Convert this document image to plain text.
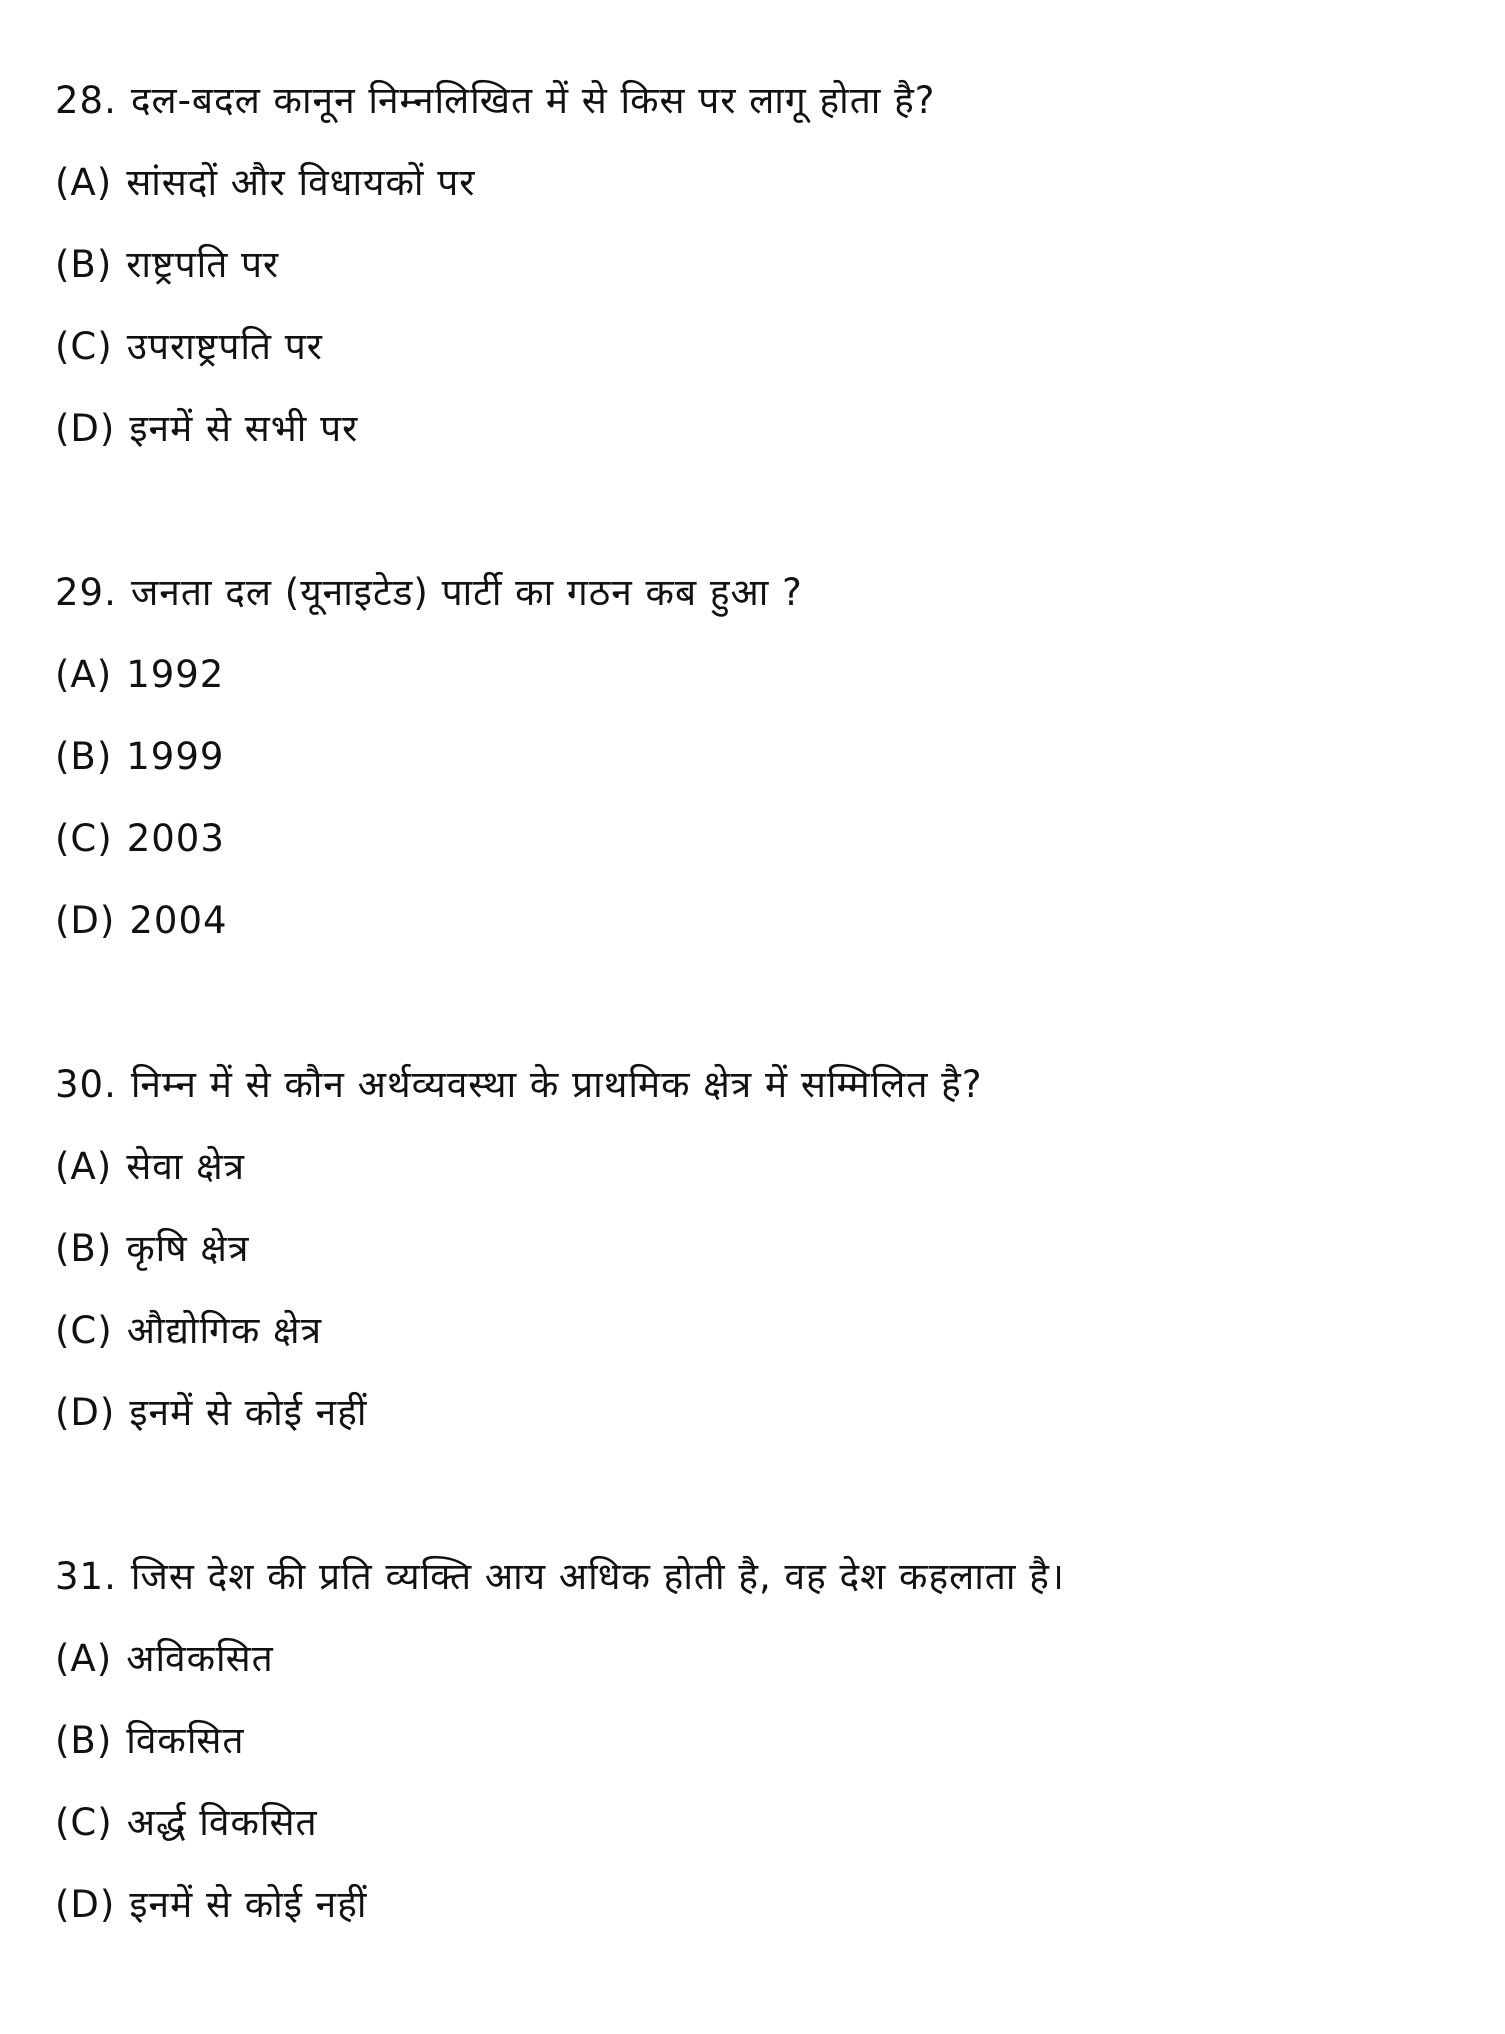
28. दल-बदल कानून निम्नलिखित में से किस पर लागू होता है?
(A) सांसदों और विधायकों पर
(B) राष्ट्रपति पर
(C) उपराष्ट्रपति पर
(D) इनमें से सभी पर
29. जनता दल (यूनाइटेड) पार्टी का गठन कब हुआ ?
(A) 1992
(B) 1999
(C) 2003
(D) 2004
30. निम्न में से कौन अर्थव्यवस्था के प्राथमिक क्षेत्र में सम्मिलित है?
(A) सेवा क्षेत्र
(B) कृषि क्षेत्र
(C) औद्योगिक क्षेत्र
(D) इनमें से कोई नहीं
31. जिस देश की प्रति व्यक्ति आय अधिक होती है, वह देश कहलाता है।
(A) अविकसित
(B) विकसित
(C) अर्द्ध विकसित
(D) इनमें से कोई नहीं
